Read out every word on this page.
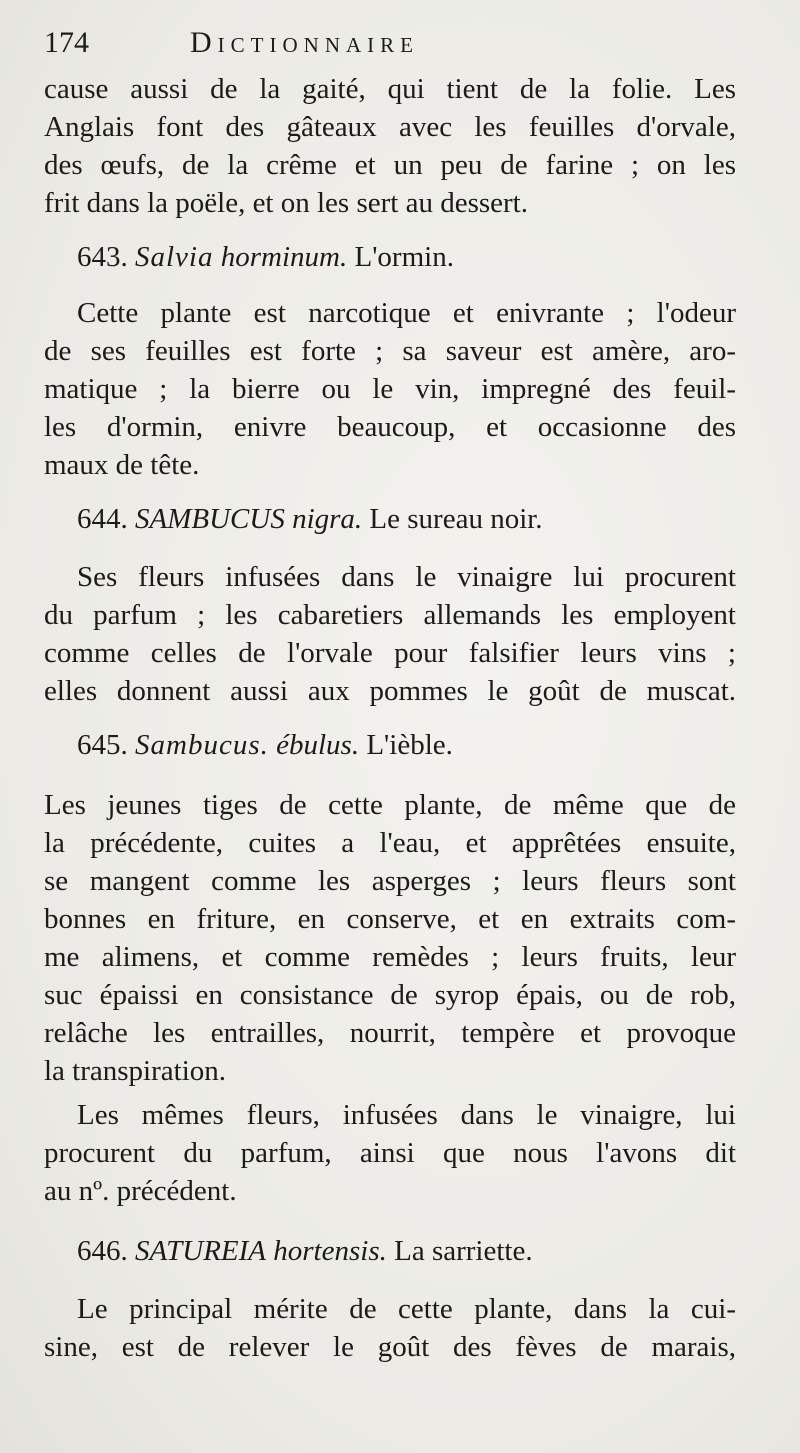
174	Dictionnaire
cause aussi de la gaité, qui tient de la folie. Les
Anglais font des gâteaux avec les feuilles d'orvale,
des œufs, de la crême et un peu de farine ; on les
frit dans la poële, et on les sert au dessert.
643. Salvia horminum. L'ormin.
Cette plante est narcotique et enivrante ; l'odeur
de ses feuilles est forte ; sa saveur est amère, aro-
matique ; la bierre ou le vin, impregné des feuil-
les d'ormin, enivre beaucoup, et occasionne des
maux de tête.
644. SAMBUCUS nigra. Le sureau noir.
Ses fleurs infusées dans le vinaigre lui procurent
du parfum ; les cabaretiers allemands les employent
comme celles de l'orvale pour falsifier leurs vins ;
elles donnent aussi aux pommes le goût de muscat.
645. Sambucus. ébulus. L'ièble.
Les jeunes tiges de cette plante, de même que de
la précédente, cuites a l'eau, et apprêtées ensuite,
se mangent comme les asperges ; leurs fleurs sont
bonnes en friture, en conserve, et en extraits com-
me alimens, et comme remèdes ; leurs fruits, leur
suc épaissi en consistance de syrop épais, ou de rob,
relâche les entrailles, nourrit, tempère et provoque
la transpiration.
Les mêmes fleurs, infusées dans le vinaigre, lui
procurent du parfum, ainsi que nous l'avons dit
au nº. précédent.
646. SATUREIA hortensis. La sarriette.
Le principal mérite de cette plante, dans la cui-
sine, est de relever le goût des fèves de marais,
